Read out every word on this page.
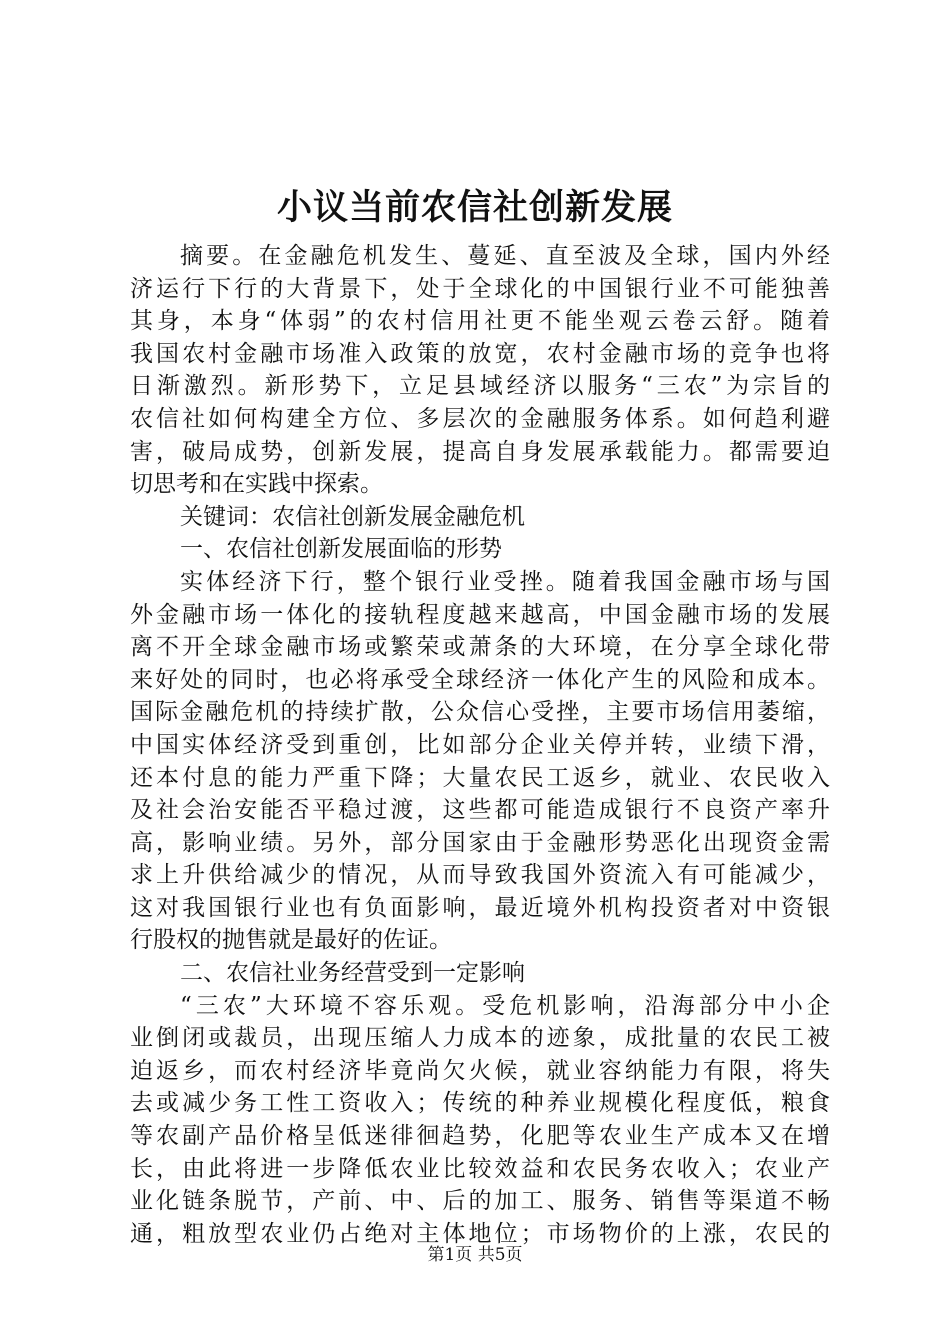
小议当前农信社创新发展
摘要。在金融危机发生、蔓延、直至波及全球，国内外经
济运行下行的大背景下，处于全球化的中国银行业不可能独善
其身，本身“体弱”的农村信用社更不能坐观云卷云舒。随着
我国农村金融市场准入政策的放宽，农村金融市场的竞争也将
日渐激烈。新形势下，立足县域经济以服务“三农”为宗旨的
农信社如何构建全方位、多层次的金融服务体系。如何趋利避
害，破局成势，创新发展，提高自身发展承载能力。都需要迫
切思考和在实践中探索。
关键词：农信社创新发展金融危机
一、农信社创新发展面临的形势
实体经济下行，整个银行业受挫。随着我国金融市场与国
外金融市场一体化的接轨程度越来越高，中国金融市场的发展
离不开全球金融市场或繁荣或萧条的大环境，在分享全球化带
来好处的同时，也必将承受全球经济一体化产生的风险和成本。
国际金融危机的持续扩散，公众信心受挫，主要市场信用萎缩，
中国实体经济受到重创，比如部分企业关停并转，业绩下滑，
还本付息的能力严重下降；大量农民工返乡，就业、农民收入
及社会治安能否平稳过渡，这些都可能造成银行不良资产率升
高，影响业绩。另外，部分国家由于金融形势恶化出现资金需
求上升供给减少的情况，从而导致我国外资流入有可能减少，
这对我国银行业也有负面影响，最近境外机构投资者对中资银
行股权的抛售就是最好的佐证。
二、农信社业务经营受到一定影响
“三农”大环境不容乐观。受危机影响，沿海部分中小企
业倒闭或裁员，出现压缩人力成本的迹象，成批量的农民工被
迫返乡，而农村经济毕竟尚欠火候，就业容纳能力有限，将失
去或减少务工性工资收入；传统的种养业规模化程度低，粮食
等农副产品价格呈低迷徘徊趋势，化肥等农业生产成本又在增
长，由此将进一步降低农业比较效益和农民务农收入；农业产
业化链条脱节，产前、中、后的加工、服务、销售等渠道不畅
通，粗放型农业仍占绝对主体地位；市场物价的上涨，农民的
第1页 共5页
